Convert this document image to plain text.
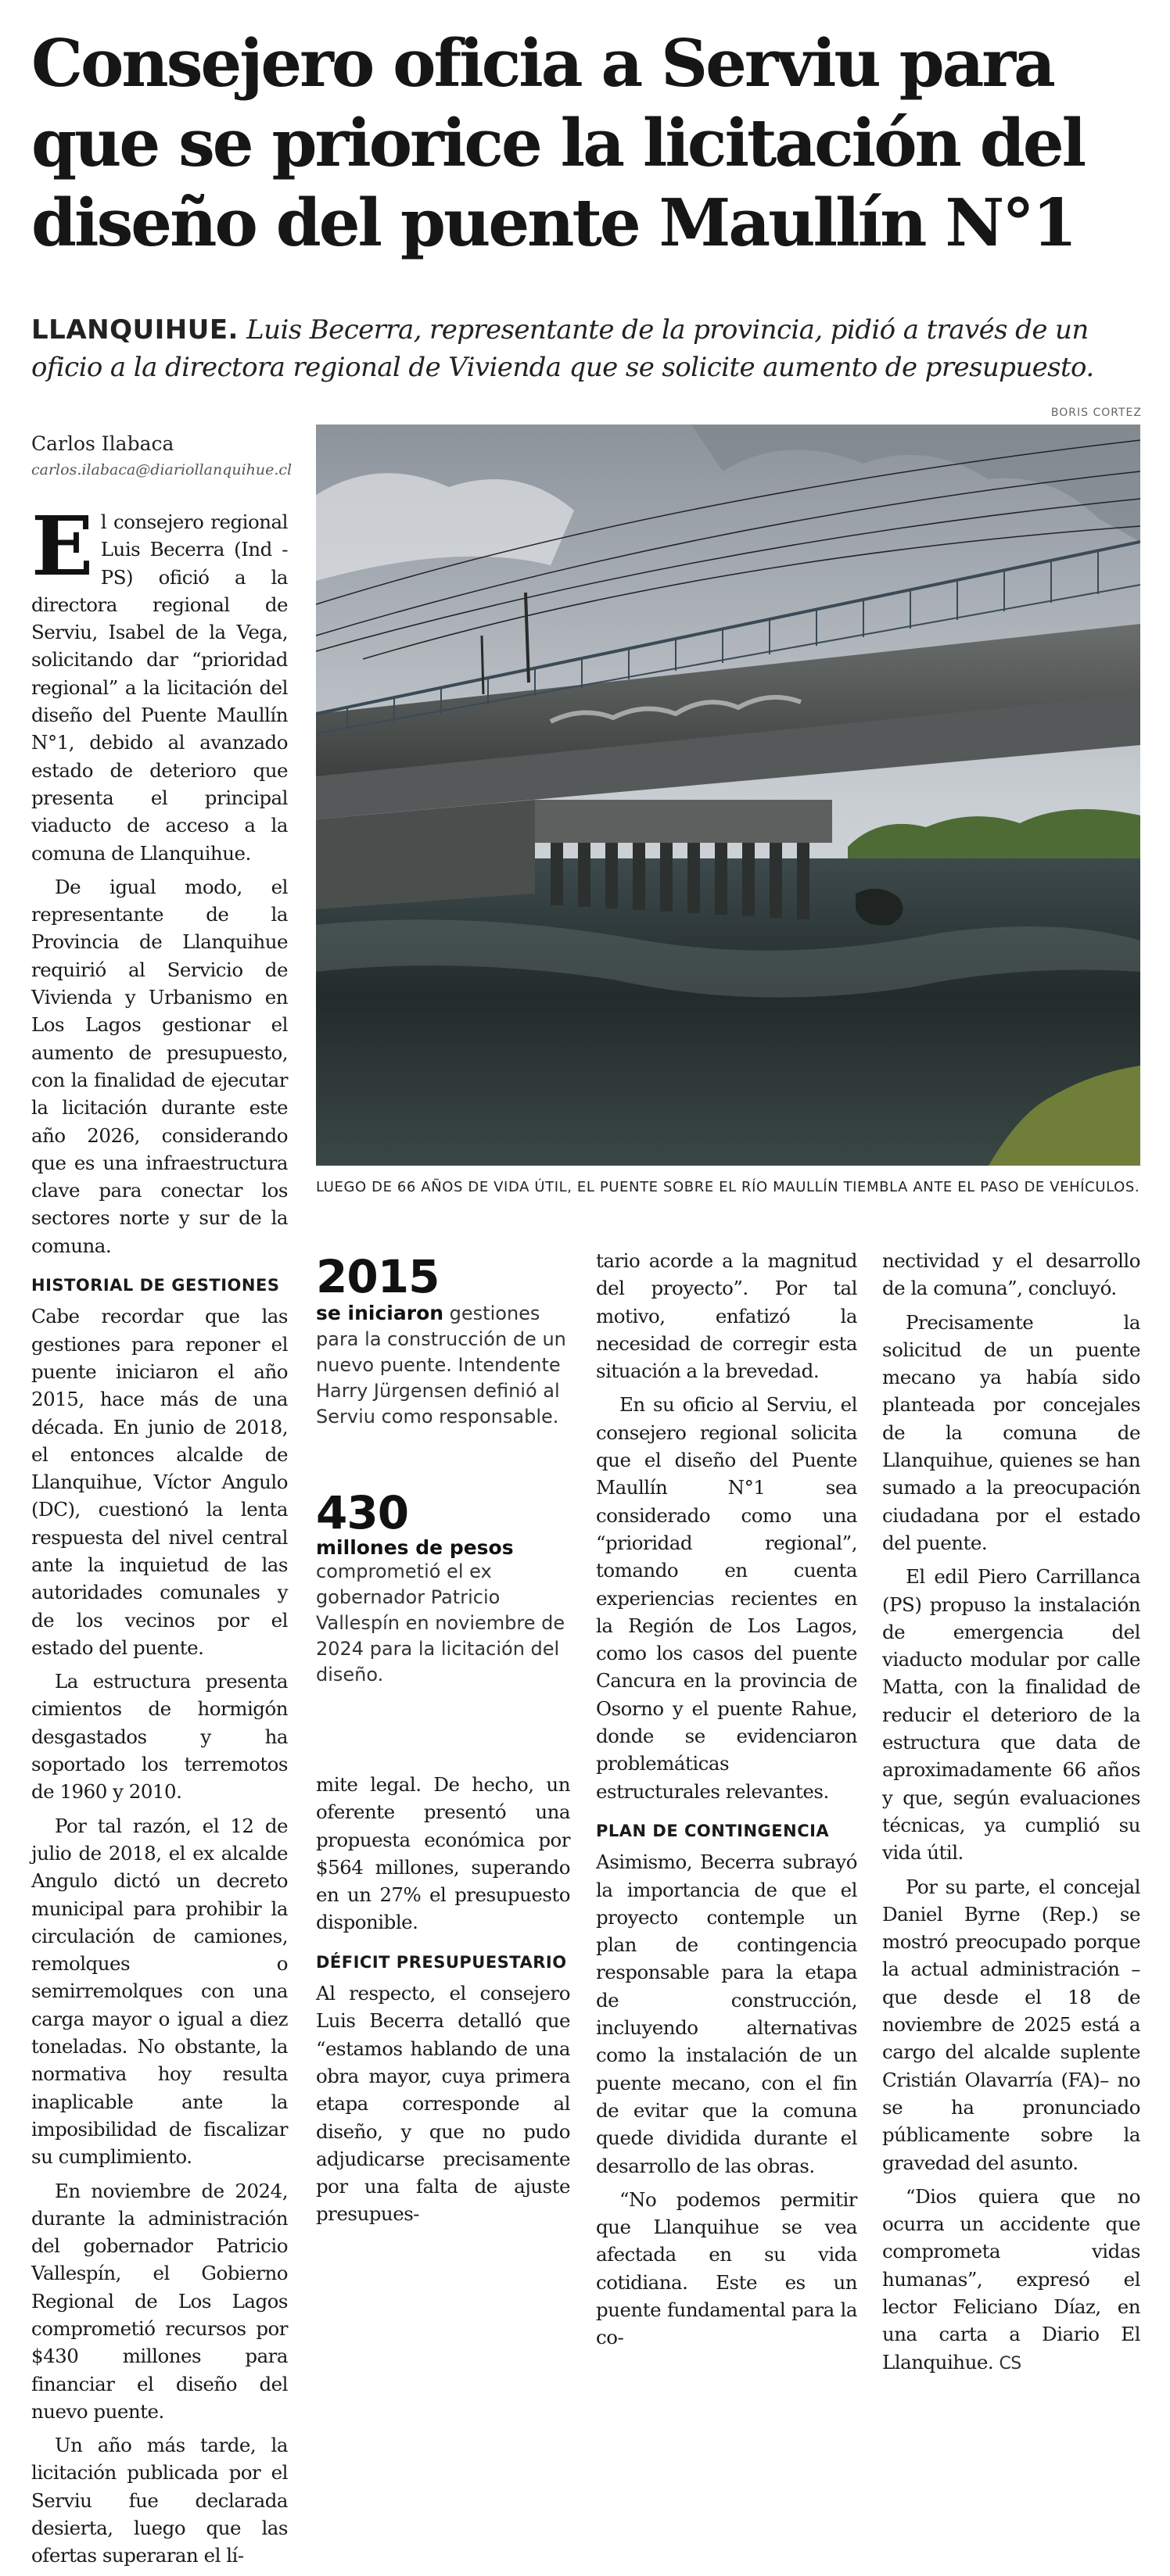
Consejero oficia a Serviu para
que se priorice la licitación del
diseño del puente Maullín N°1
LLANQUIHUE. Luis Becerra, representante de la provincia, pidió a través de un oficio a la directora regional de Vivienda que se solicite aumento de presupuesto.
BORIS CORTEZ
Carlos Ilabaca
carlos.ilabaca@diariollanquihue.cl
LUEGO DE 66 AÑOS DE VIDA ÚTIL, EL PUENTE SOBRE EL RÍO MAULLÍN TIEMBLA ANTE EL PASO DE VEHÍCULOS.

El consejero regional Luis Becerra (Ind - PS) ofició a la directora regional de Serviu, Isabel de la Vega, solicitando dar “prioridad regional” a la licitación del diseño del Puente Maullín N°1, debido al avanzado estado de deterioro que presenta el principal viaducto de acceso a la comuna de Llanquihue.

De igual modo, el representante de la Provincia de Llanquihue requirió al Servicio de Vivienda y Urbanismo en Los Lagos gestionar el aumento de presupuesto, con la finalidad de ejecutar la licitación durante este año 2026, considerando que es una infraestructura clave para conectar los sectores norte y sur de la comuna.

HISTORIAL DE GESTIONES

Cabe recordar que las gestiones para reponer el puente iniciaron el año 2015, hace más de una década. En junio de 2018, el entonces alcalde de Llanquihue, Víctor Angulo (DC), cuestionó la lenta respuesta del nivel central ante la inquietud de las autoridades comunales y de los vecinos por el estado del puente.

La estructura presenta cimientos de hormigón desgastados y ha soportado los terremotos de 1960 y 2010.

Por tal razón, el 12 de julio de 2018, el ex alcalde Angulo dictó un decreto municipal para prohibir la circulación de camiones, remolques o semirremolques con una carga mayor o igual a diez toneladas. No obstante, la normativa hoy resulta inaplicable ante la imposibilidad de fiscalizar su cumplimiento.

En noviembre de 2024, durante la administración del gobernador Patricio Vallespín, el Gobierno Regional de Los Lagos comprometió recursos por $430 millones para financiar el diseño del nuevo puente.

Un año más tarde, la licitación publicada por el Serviu fue declarada desierta, luego que las ofertas superaran el lí-

2015
se iniciaron gestiones para la construcción de un nuevo puente. Intendente Harry Jürgensen definió al Serviu como responsable.
430
millones de pesos
comprometió el ex gobernador Patricio Vallespín en noviembre de 2024 para la licitación del diseño.

mite legal. De hecho, un oferente presentó una propuesta económica por $564 millones, superando en un 27% el presupuesto disponible.

DÉFICIT PRESUPUESTARIO

Al respecto, el consejero Luis Becerra detalló que “estamos hablando de una obra mayor, cuya primera etapa corresponde al diseño, y que no pudo adjudicarse precisamente por una falta de ajuste presupues-

tario acorde a la magnitud del proyecto”. Por tal motivo, enfatizó la necesidad de corregir esta situación a la brevedad.

En su oficio al Serviu, el consejero regional solicita que el diseño del Puente Maullín N°1 sea considerado como una “prioridad regional”, tomando en cuenta experiencias recientes en la Región de Los Lagos, como los casos del puente Cancura en la provincia de Osorno y el puente Rahue, donde se evidenciaron problemáticas estructurales relevantes.

PLAN DE CONTINGENCIA

Asimismo, Becerra subrayó la importancia de que el proyecto contemple un plan de contingencia responsable para la etapa de construcción, incluyendo alternativas como la instalación de un puente mecano, con el fin de evitar que la comuna quede dividida durante el desarrollo de las obras.

“No podemos permitir que Llanquihue se vea afectada en su vida cotidiana. Este es un puente fundamental para la co-

nectividad y el desarrollo de la comuna”, concluyó.

Precisamente la solicitud de un puente mecano ya había sido planteada por concejales de la comuna de Llanquihue, quienes se han sumado a la preocupación ciudadana por el estado del puente.

El edil Piero Carrillanca (PS) propuso la instalación de emergencia del viaducto modular por calle Matta, con la finalidad de reducir el deterioro de la estructura que data de aproximadamente 66 años y que, según evaluaciones técnicas, ya cumplió su vida útil.

Por su parte, el concejal Daniel Byrne (Rep.) se mostró preocupado porque la actual administración –que desde el 18 de noviembre de 2025 está a cargo del alcalde suplente Cristián Olavarría (FA)– no se ha pronunciado públicamente sobre la gravedad del asunto.

“Dios quiera que no ocurra un accidente que comprometa vidas humanas”, expresó el lector Feliciano Díaz, en una carta a Diario El Llanquihue. CS
